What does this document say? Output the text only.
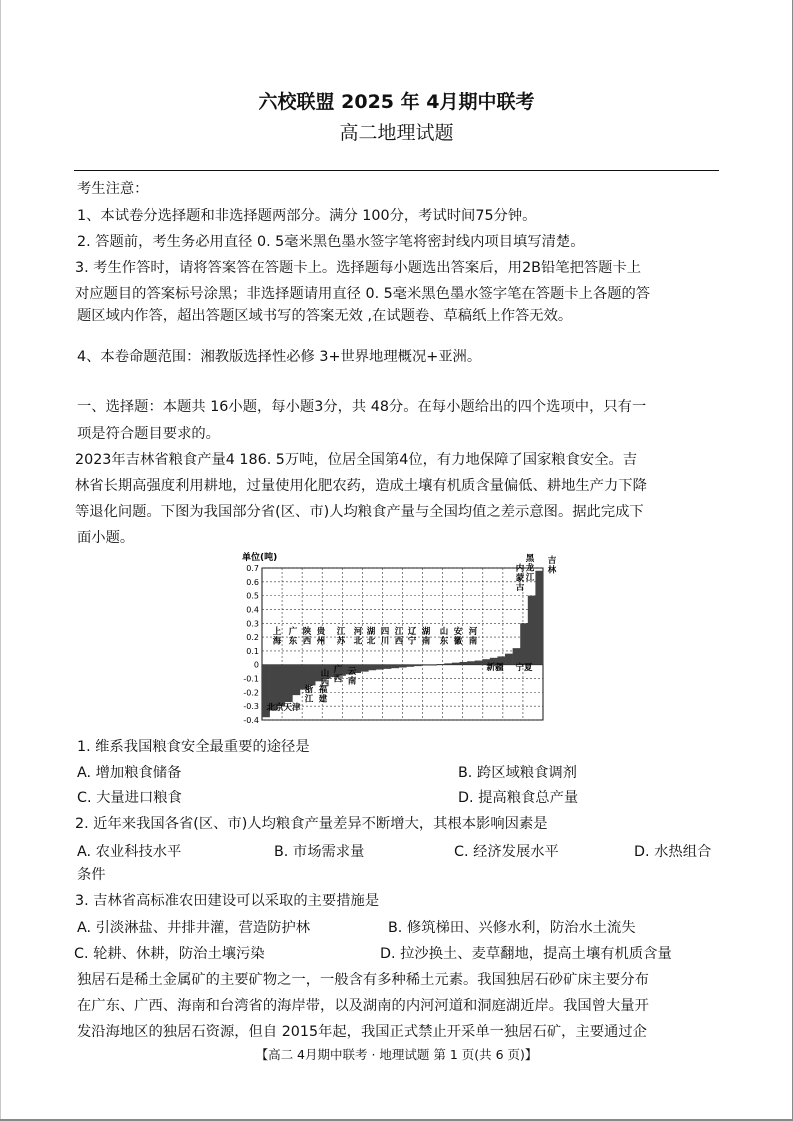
六校联盟 2025 年 4月期中联考
高二地理试题
考生注意：
1、本试卷分选择题和非选择题两部分。满分 100分，考试时间75分钟。
2. 答题前，考生务必用直径 0. 5毫米黑色墨水签字笔将密封线内项目填写清楚。
3. 考生作答时，请将答案答在答题卡上。选择题每小题选出答案后，用2B铅笔把答题卡上
对应题目的答案标号涂黑；非选择题请用直径 0. 5毫米黑色墨水签字笔在答题卡上各题的答
题区域内作答，超出答题区域书写的答案无效 ,在试题卷、草稿纸上作答无效。
4、本卷命题范围：湘教版选择性必修 3+世界地理概况+亚洲。
一、选择题：本题共 16小题，每小题3分，共 48分。在每小题给出的四个选项中，只有一
项是符合题目要求的。
2023年吉林省粮食产量4 186. 5万吨，位居全国第4位，有力地保障了国家粮食安全。吉
林省长期高强度利用耕地，过量使用化肥农药，造成土壤有机质含量偏低、耕地生产力下降
等退化问题。下图为我国部分省(区、市)人均粮食产量与全国均值之差示意图。据此完成下
面小题。
单位(吨)
0.7
0.6
0.5
0.4
0.3
0.2
0.1
0
-0.1
-0.2
-0.3
-0.4
上海 广东 陕西 贵州 江苏 河北 湖北 四川 江西 辽宁 湖南 山东 安徽 河南
北京 天津
浙江 福建
山西 广西 云南	新疆 宁夏
吉林
黑龙江
内蒙古
1. 维系我国粮食安全最重要的途径是
A. 增加粮食储备	B. 跨区域粮食调剂
C. 大量进口粮食	D. 提高粮食总产量
2. 近年来我国各省(区、市)人均粮食产量差异不断增大，其根本影响因素是
A. 农业科技水平	B. 市场需求量	C. 经济发展水平	D. 水热组合
条件
3. 吉林省高标准农田建设可以采取的主要措施是
A. 引淡淋盐、井排井灌，营造防护林	B. 修筑梯田、兴修水利，防治水土流失
C. 轮耕、休耕，防治土壤污染	D. 拉沙换土、麦草翻地，提高土壤有机质含量
独居石是稀土金属矿的主要矿物之一，一般含有多种稀土元素。我国独居石砂矿床主要分布
在广东、广西、海南和台湾省的海岸带，以及湖南的内河河道和洞庭湖近岸。我国曾大量开
发沿海地区的独居石资源，但自 2015年起，我国正式禁止开采单一独居石矿，主要通过企
【高二 4月期中联考 · 地理试题 第 1 页(共 6 页)】
